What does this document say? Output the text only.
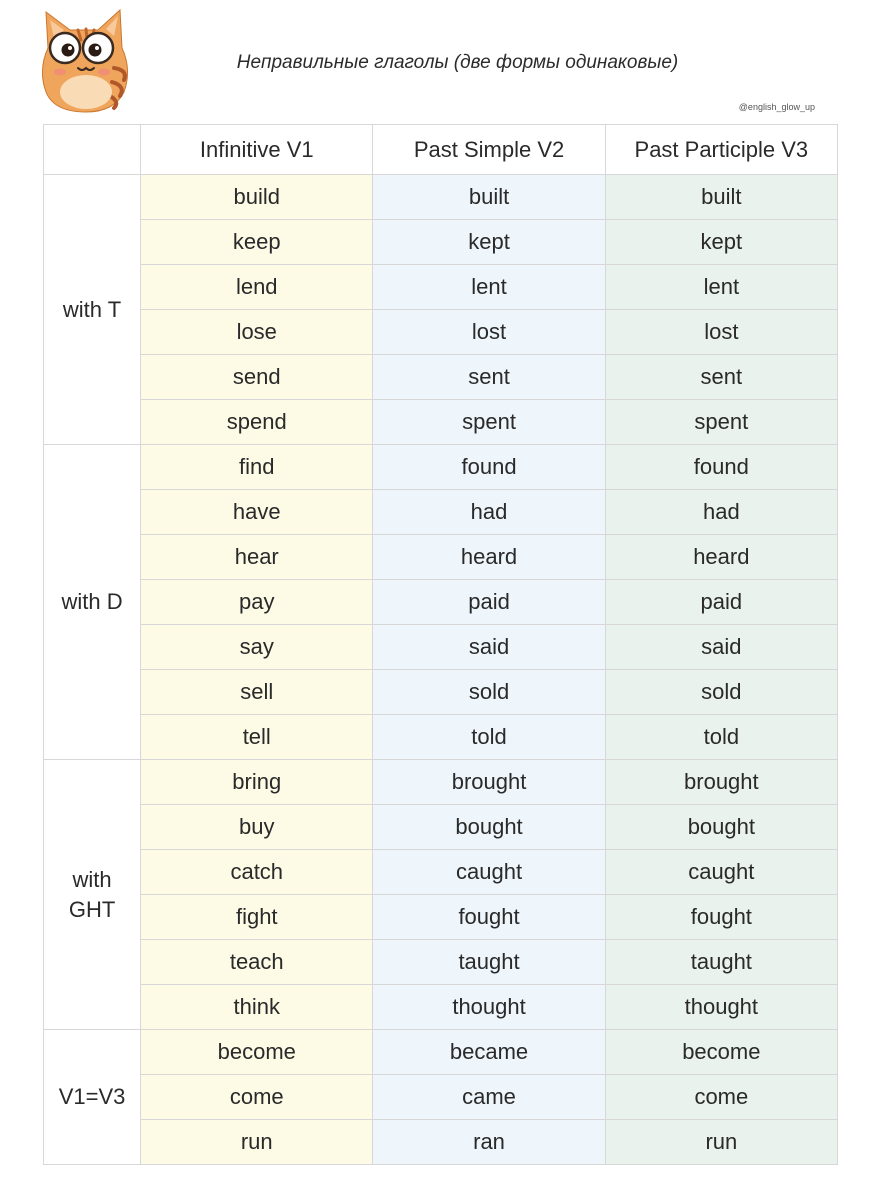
Неправильные глаголы (две формы одинаковые)
@english_glow_up
	Infinitive V1	Past Simple V2	Past Participle V3
with T	build	built	built
	keep	kept	kept
	lend	lent	lent
	lose	lost	lost
	send	sent	sent
	spend	spent	spent
with D	find	found	found
	have	had	had
	hear	heard	heard
	pay	paid	paid
	say	said	said
	sell	sold	sold
	tell	told	told
with
GHT	bring	brought	brought
	buy	bought	bought
	catch	caught	caught
	fight	fought	fought
	teach	taught	taught
	think	thought	thought
V1=V3	become	became	become
	come	came	come
	run	ran	run
